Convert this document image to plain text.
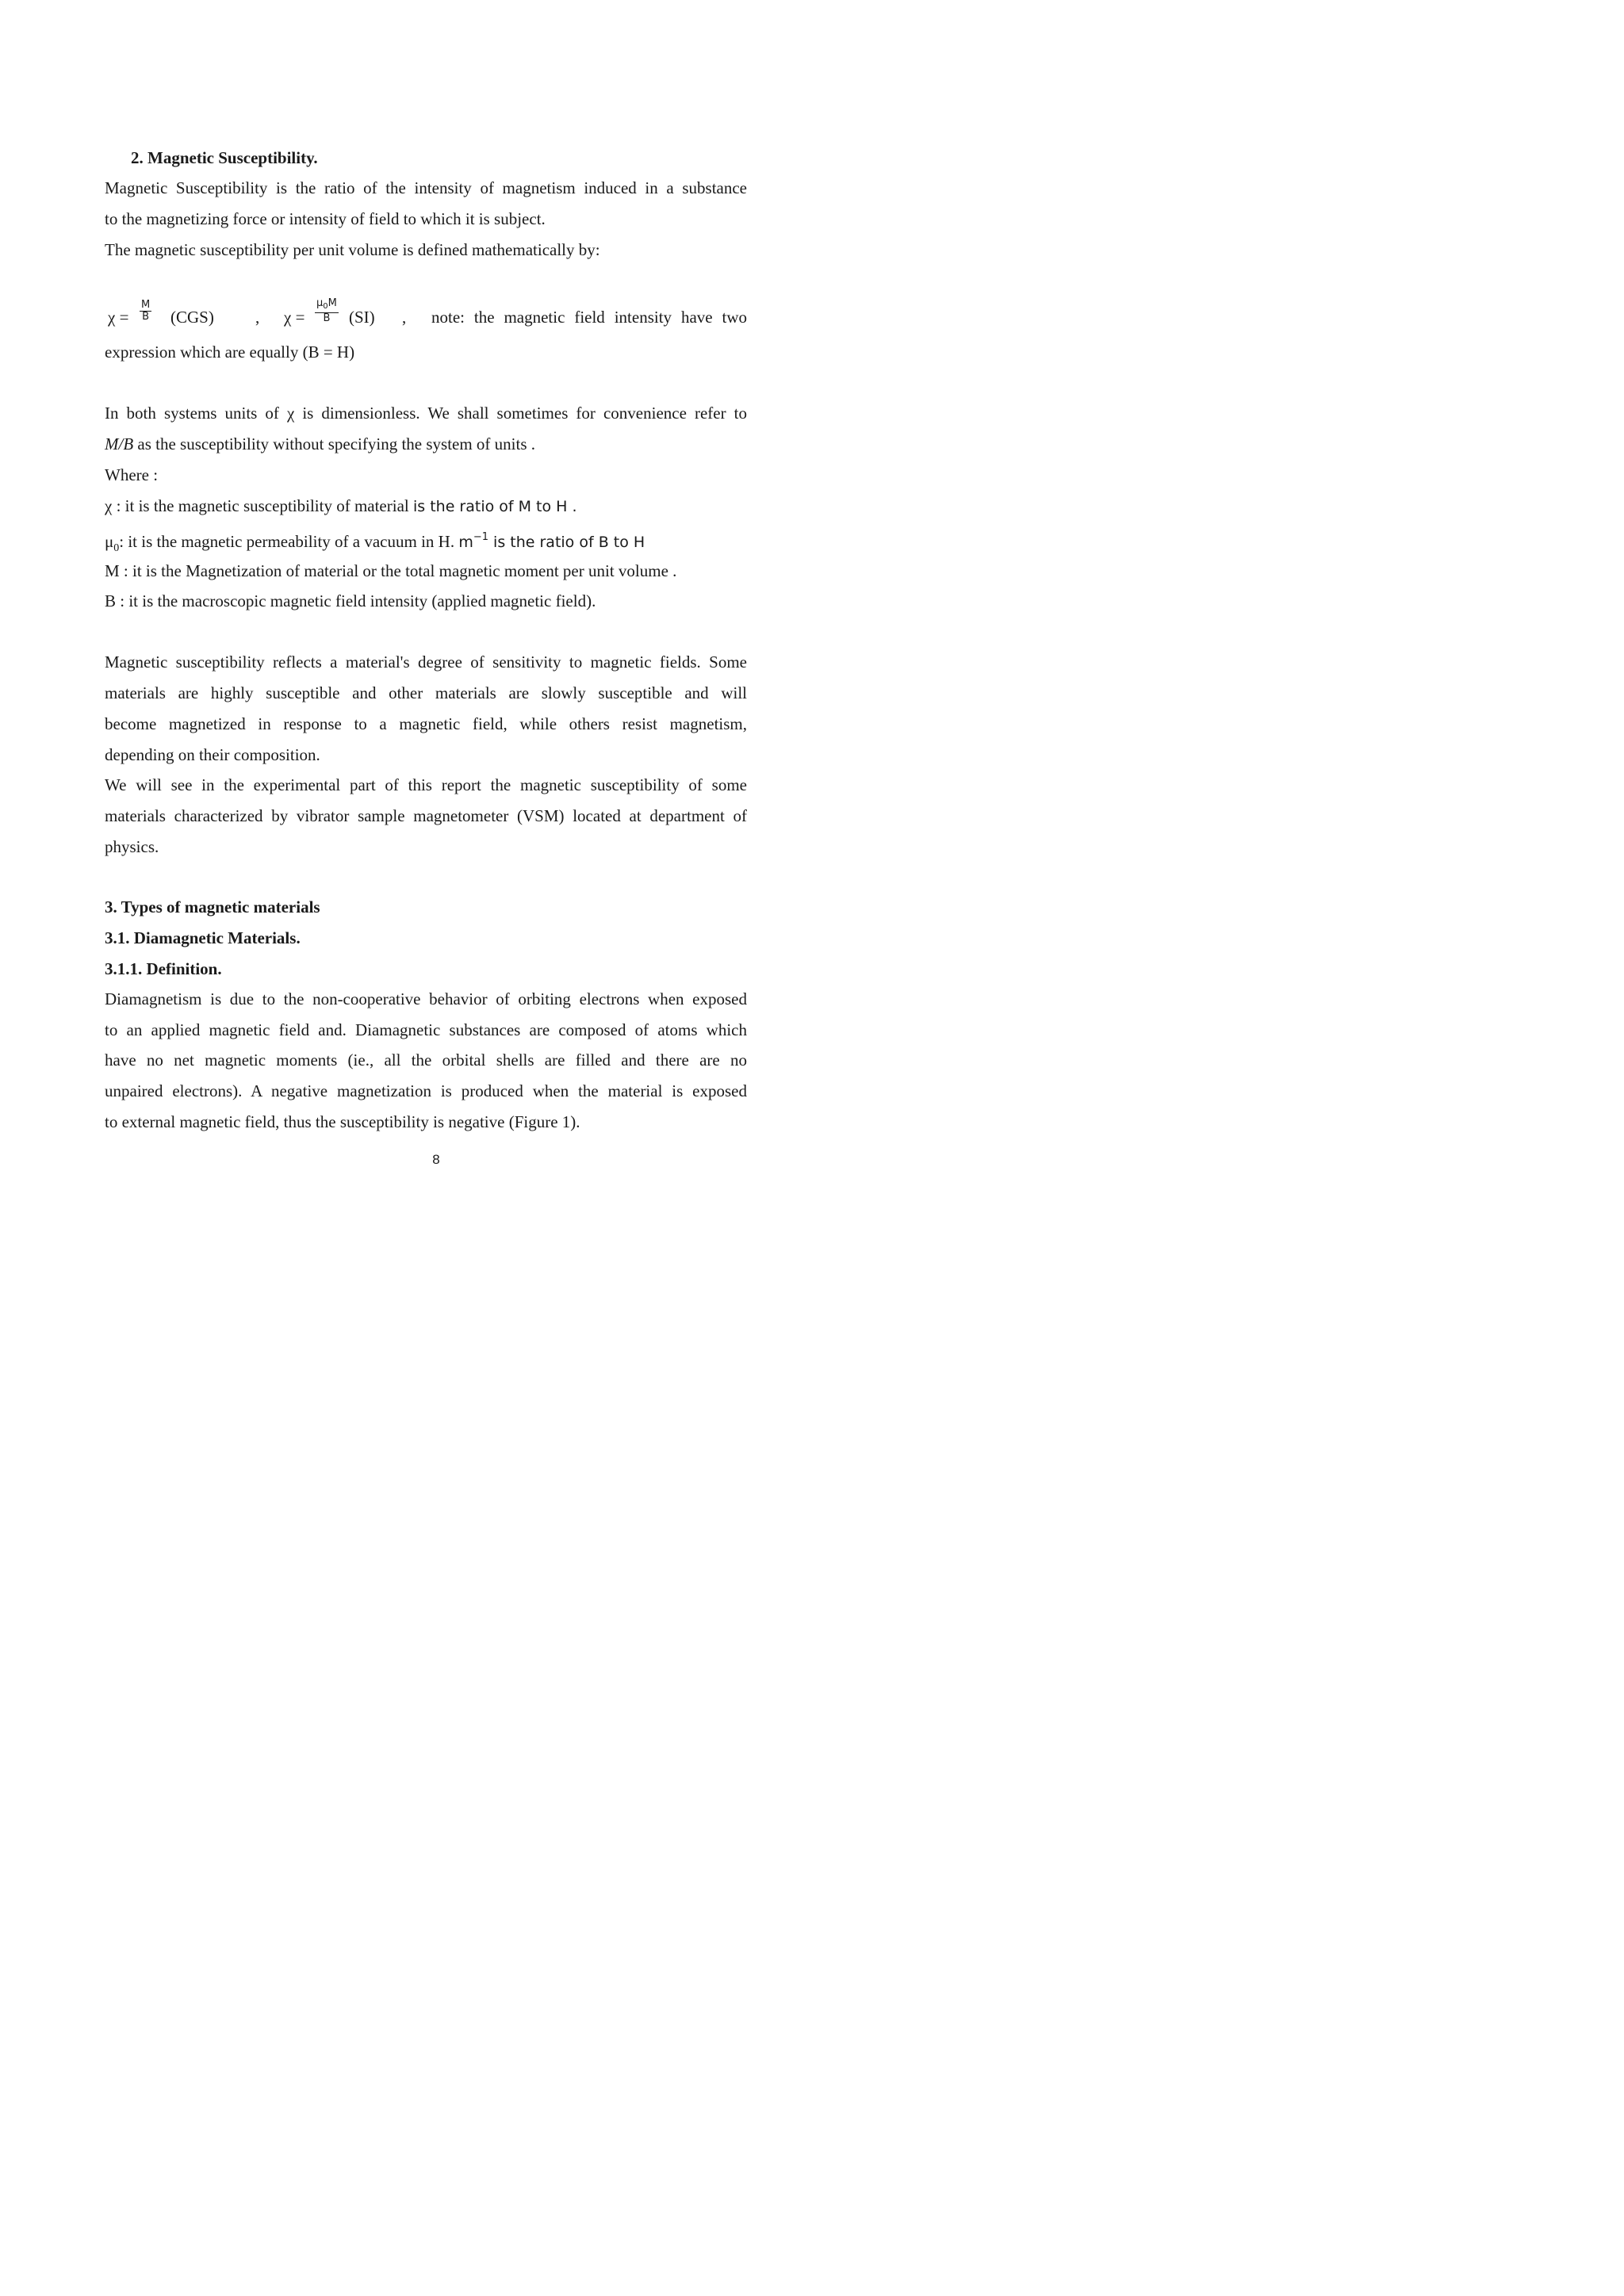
2. Magnetic Susceptibility.
Magnetic Susceptibility is the ratio of the intensity of magnetism induced in a substance
to the magnetizing force or intensity of field to which it is subject.
The magnetic susceptibility per unit volume is defined mathematically by:
$\chi = \frac{M}{B} (CGS)$ , $\chi = \frac{\mu_0M}{B} (SI)$ , note: the magnetic field intensity have two
expression which are equally (B = H)
In both systems units of χ is dimensionless. We shall sometimes for convenience refer to
M/B as the susceptibility without specifying the system of units .
Where :
χ : it is the magnetic susceptibility of material is the ratio of M to H .
$\mu_0$: it is the magnetic permeability of a vacuum in H. $m^{-1}$ is the ratio of B to H
M : it is the Magnetization of material or the total magnetic moment per unit volume .
B : it is the macroscopic magnetic field intensity (applied magnetic field).
Magnetic susceptibility reflects a material's degree of sensitivity to magnetic fields. Some
materials are highly susceptible and other materials are slowly susceptible and will
become magnetized in response to a magnetic field, while others resist magnetism,
depending on their composition.
We will see in the experimental part of this report the magnetic susceptibility of some
materials characterized by vibrator sample magnetometer (VSM) located at department of
physics.
3. Types of magnetic materials
3.1. Diamagnetic Materials.
3.1.1. Definition.
Diamagnetism is due to the non-cooperative behavior of orbiting electrons when exposed
to an applied magnetic field and. Diamagnetic substances are composed of atoms which
have no net magnetic moments (ie., all the orbital shells are filled and there are no
unpaired electrons). A negative magnetization is produced when the material is exposed
to external magnetic field, thus the susceptibility is negative (Figure 1).
8
